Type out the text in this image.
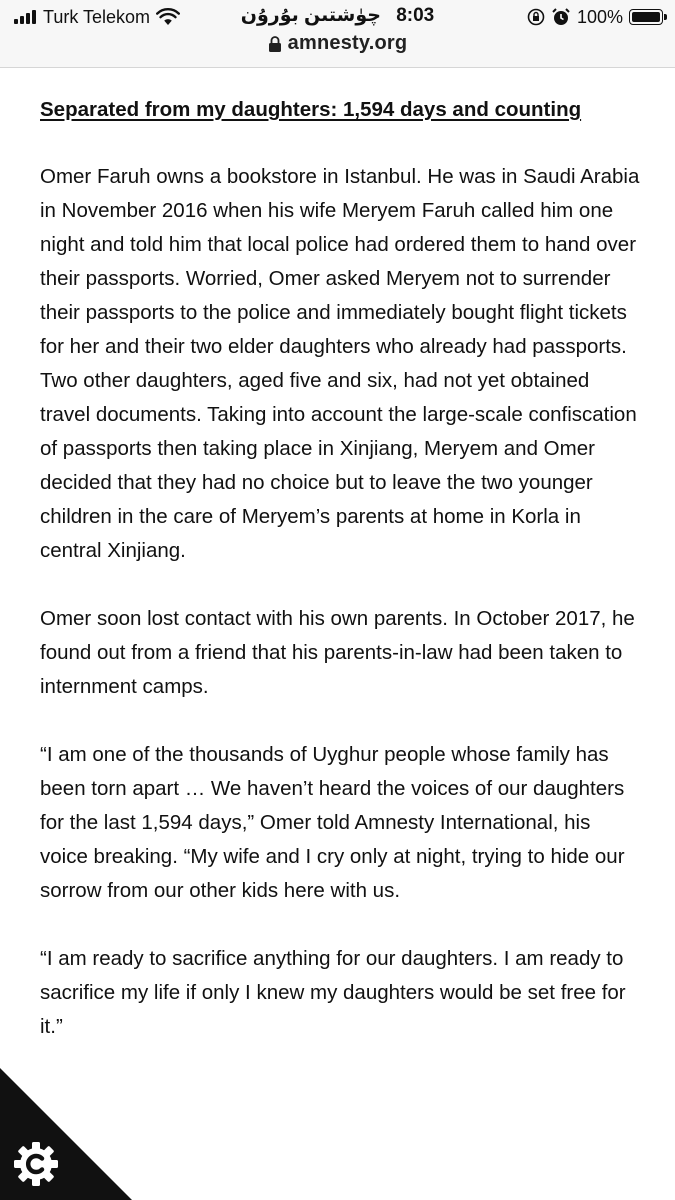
Turk Telekom	چۈشتىن بۇرۇن 8:03	100%
amnesty.org
Separated from my daughters: 1,594 days and counting

Omer Faruh owns a bookstore in Istanbul. He was in Saudi Arabia in November 2016 when his wife Meryem Faruh called him one night and told him that local police had ordered them to hand over their passports. Worried, Omer asked Meryem not to surrender their passports to the police and immediately bought flight tickets for her and their two elder daughters who already had passports. Two other daughters, aged five and six, had not yet obtained travel documents. Taking into account the large-scale confiscation of passports then taking place in Xinjiang, Meryem and Omer decided that they had no choice but to leave the two younger children in the care of Meryem’s parents at home in Korla in central Xinjiang.

Omer soon lost contact with his own parents. In October 2017, he found out from a friend that his parents-in-law had been taken to internment camps.

“I am one of the thousands of Uyghur people whose family has been torn apart … We haven’t heard the voices of our daughters for the last 1,594 days,” Omer told Amnesty International, his voice breaking. “My wife and I cry only at night, trying to hide our sorrow from our other kids here with us.

“I am ready to sacrifice anything for our daughters. I am ready to sacrifice my life if only I knew my daughters would be set free for it.”
